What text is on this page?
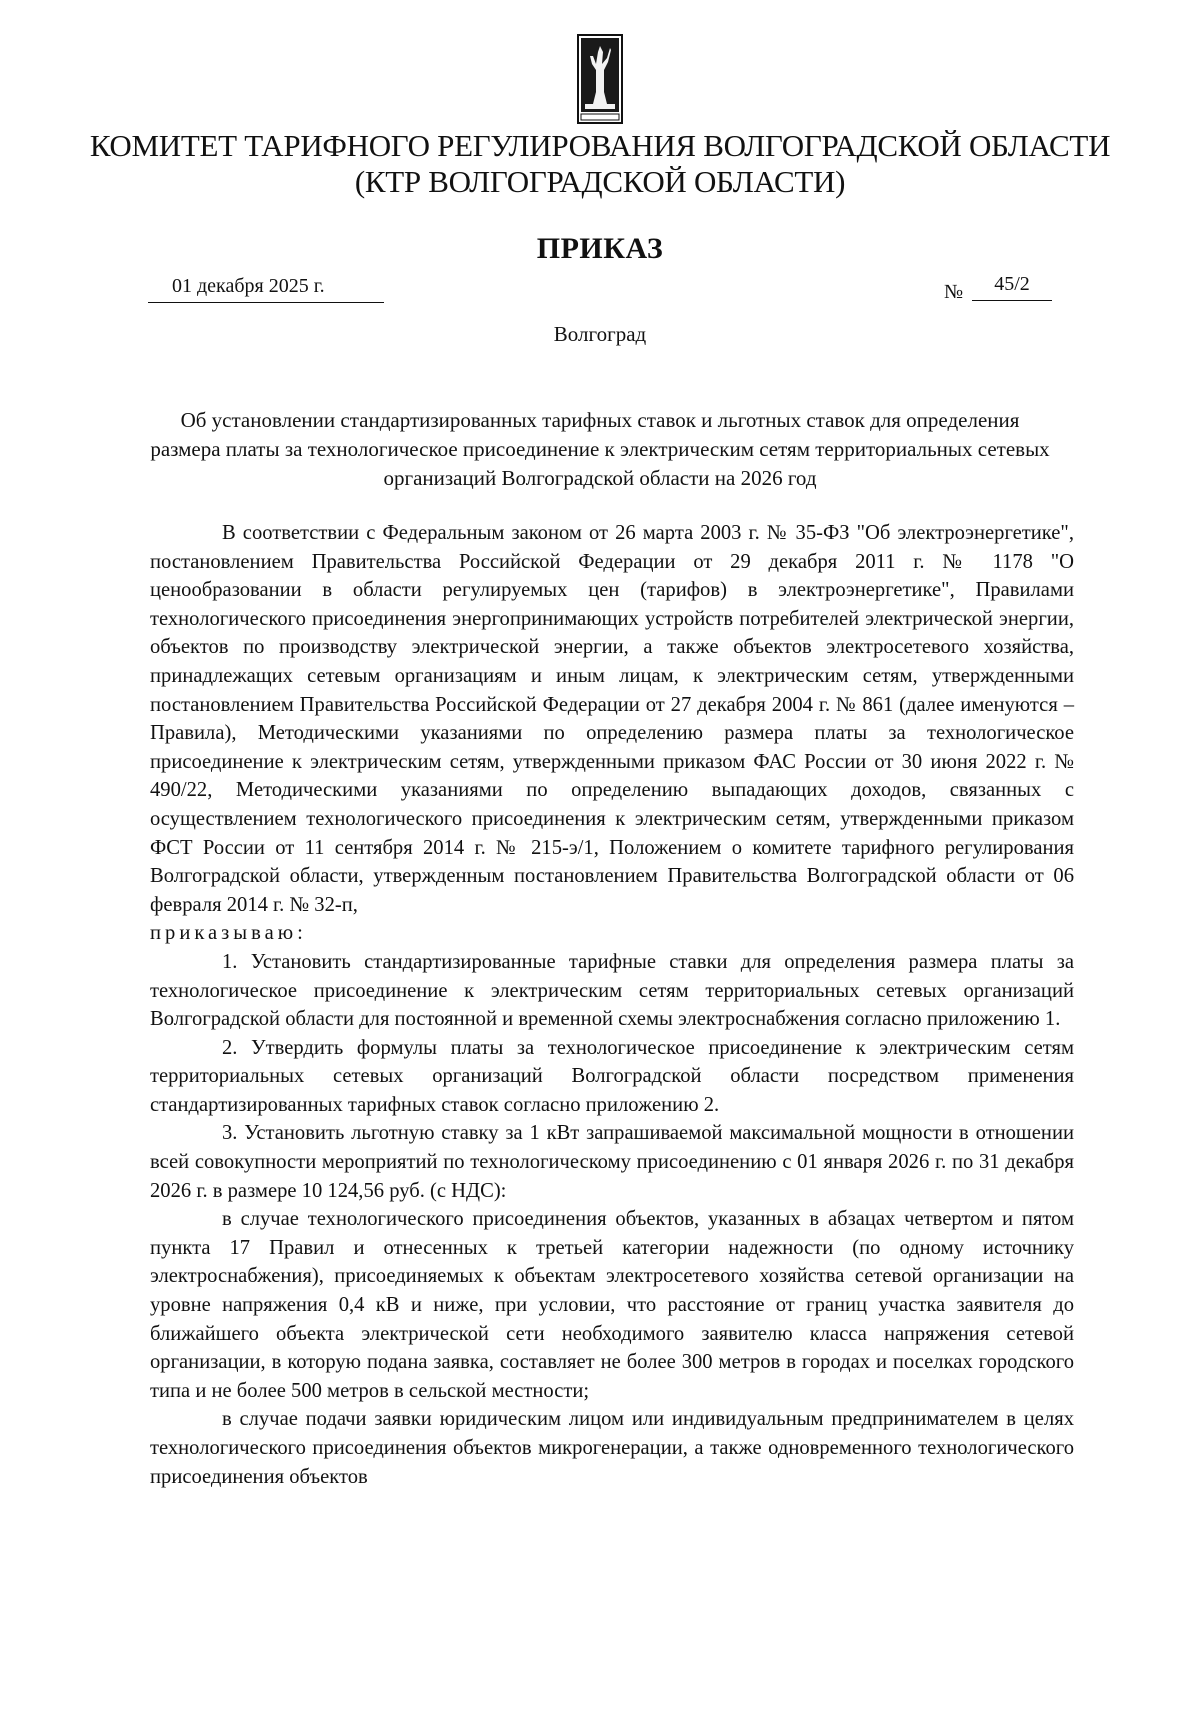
КОМИТЕТ ТАРИФНОГО РЕГУЛИРОВАНИЯ ВОЛГОГРАДСКОЙ ОБЛАСТИ
(КТР ВОЛГОГРАДСКОЙ ОБЛАСТИ)
ПРИКАЗ
01 декабря 2025 г.	№	45/2
Волгоград
Об установлении стандартизированных тарифных ставок и льготных ставок для определения размера платы за технологическое присоединение к электрическим сетям территориальных сетевых организаций Волгоградской области на 2026 год

В соответствии с Федеральным законом от 26 марта 2003 г. № 35-ФЗ "Об электроэнергетике", постановлением Правительства Российской Федерации от 29 декабря 2011 г. № 1178 "О ценообразовании в области регулируемых цен (тарифов) в электроэнергетике", Правилами технологического присоединения энергопринимающих устройств потребителей электрической энергии, объектов по производству электрической энергии, а также объектов электросетевого хозяйства, принадлежащих сетевым организациям и иным лицам, к электрическим сетям, утвержденными постановлением Правительства Российской Федерации от 27 декабря 2004 г. № 861 (далее именуются – Правила), Методическими указаниями по определению размера платы за технологическое присоединение к электрическим сетям, утвержденными приказом ФАС России от 30 июня 2022 г. № 490/22, Методическими указаниями по определению выпадающих доходов, связанных с осуществлением технологического присоединения к электрическим сетям, утвержденными приказом ФСТ России от 11 сентября 2014 г. № 215-э/1, Положением о комитете тарифного регулирования Волгоградской области, утвержденным постановлением Правительства Волгоградской области от 06 февраля 2014 г. № 32-п,

приказываю:

1. Установить стандартизированные тарифные ставки для определения размера платы за технологическое присоединение к электрическим сетям территориальных сетевых организаций Волгоградской области для постоянной и временной схемы электроснабжения согласно приложению 1.

2. Утвердить формулы платы за технологическое присоединение к электрическим сетям территориальных сетевых организаций Волгоградской области посредством применения стандартизированных тарифных ставок согласно приложению 2.

3. Установить льготную ставку за 1 кВт запрашиваемой максимальной мощности в отношении всей совокупности мероприятий по технологическому присоединению с 01 января 2026 г. по 31 декабря 2026 г. в размере 10 124,56 руб. (с НДС):

в случае технологического присоединения объектов, указанных в абзацах четвертом и пятом пункта 17 Правил и отнесенных к третьей категории надежности (по одному источнику электроснабжения), присоединяемых к объектам электросетевого хозяйства сетевой организации на уровне напряжения 0,4 кВ и ниже, при условии, что расстояние от границ участка заявителя до ближайшего объекта электрической сети необходимого заявителю класса напряжения сетевой организации, в которую подана заявка, составляет не более 300 метров в городах и поселках городского типа и не более 500 метров в сельской местности;

в случае подачи заявки юридическим лицом или индивидуальным предпринимателем в целях технологического присоединения объектов микрогенерации, а также одновременного технологического присоединения объектов
